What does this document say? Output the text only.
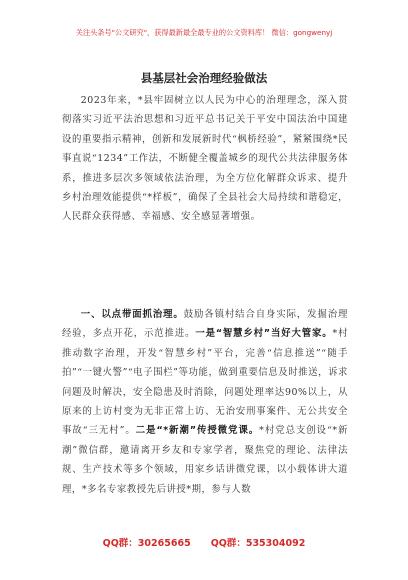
关注头条号"公文研究"，获得最新最全最专业的公文资料库！ 微信：gongwenyj
县基层社会治理经验做法
2023年来，*县牢固树立以人民为中心的治理理念，深入贯彻落实习近平法治思想和习近平总书记关于平安中国法治中国建设的重要指示精神，创新和发展新时代“枫桥经验”，紧紧围绕*民事直说“1234”工作法，不断健全覆盖城乡的现代公共法律服务体系，推进多层次多领域依法治理，为全方位化解群众诉求、提升乡村治理效能提供“*样板”，确保了全县社会大局持续和谐稳定，人民群众获得感、幸福感、安全感显著增强。
一、以点带面抓治理。鼓励各镇村结合自身实际，发掘治理经验，多点开花，示范推进。一是“智慧乡村”当好大管家。*村推动数字治理，开发“智慧乡村”平台，完善“信息推送”“随手拍”“一键火警”“电子围栏”等功能，做到重要信息及时推送，诉求问题及时解决，安全隐患及时消除，问题处理率达90%以上，从原来的上访村变为无非正常上访、无治安刑事案件、无公共安全事故“三无村”。二是“*新潮”传授微党课。*村党总支创设“*新潮”微信群，邀请离开乡友和专家学者，聚焦党的理论、法律法规、生产技术等多个领域，用家乡话讲微党课，以小载体讲大道理，*多名专家教授先后讲授*期，参与人数
QQ群：30265665 QQ群：535304092
